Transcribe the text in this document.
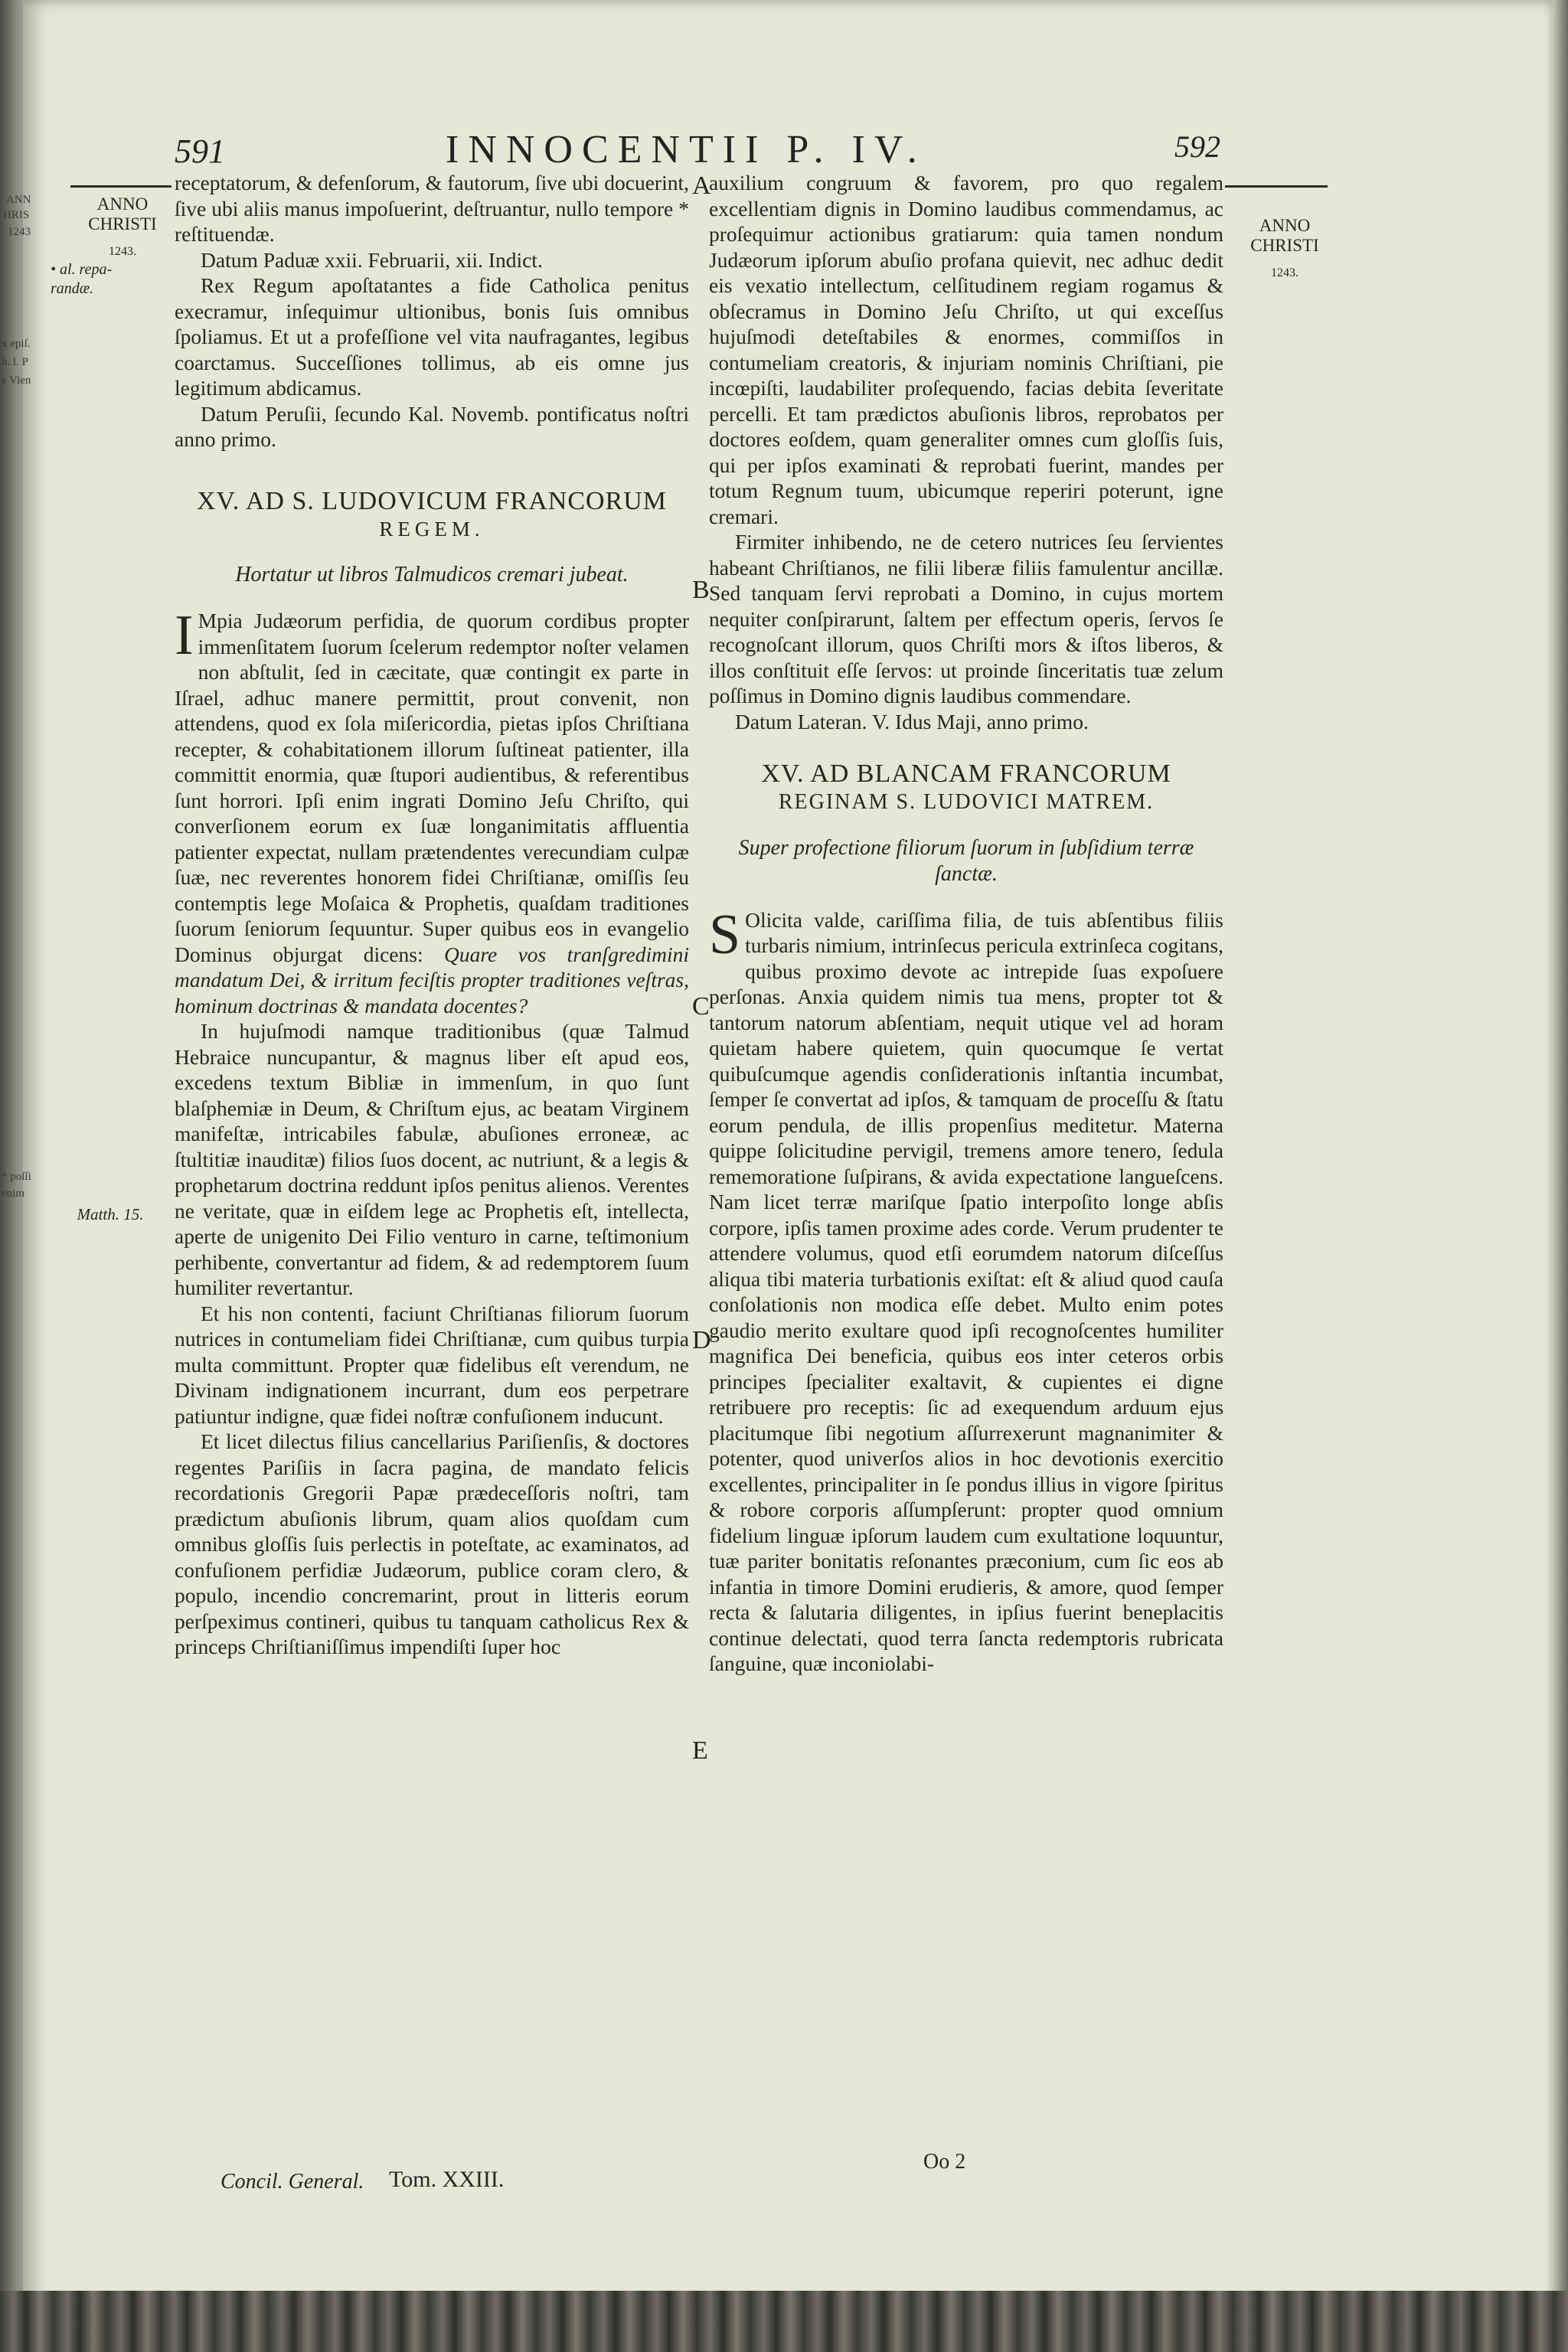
ANN
HRIS
1243
x epiſ.
h. l. P
e Vien
* poſſi
enim
591	INNOCENTII P. IV.	592
ANNO
CHRISTI
1243.
• al. repa-randæ.
Matth. 15.
ANNO
CHRISTI
1243.
A
B
C
D
E

receptatorum, & defenſorum, & fautorum, ſive ubi docuerint, ſive ubi aliis manus impoſuerint, deſtruantur, nullo tempore * reſtituendæ.

Datum Paduæ xxii. Februarii, xii. Indict.

Rex Regum apoſtatantes a fide Catholica penitus execramur, inſequimur ultionibus, bonis ſuis omnibus ſpoliamus. Et ut a profeſſione vel vita naufragantes, legibus coarctamus. Succeſſiones tollimus, ab eis omne jus legitimum abdicamus.

Datum Peruſii, ſecundo Kal. Novemb. pontificatus noſtri anno primo.

XV. AD S. LUDOVICUM FRANCORUM
REGEM.
Hortatur ut libros Talmudicos cremari jubeat.

I Mpia Judæorum perfidia, de quorum cordibus propter immenſitatem ſuorum ſcelerum redemptor noſter velamen non abſtulit, ſed in cæcitate, quæ contingit ex parte in Iſrael, adhuc manere permittit, prout convenit, non attendens, quod ex ſola miſericordia, pietas ipſos Chriſtiana recepter, & cohabitationem illorum ſuſtineat patienter, illa committit enormia, quæ ſtupori audientibus, & referentibus ſunt horrori. Ipſi enim ingrati Domino Jeſu Chriſto, qui converſionem eorum ex ſuæ longanimitatis affluentia patienter expectat, nullam prætendentes verecundiam culpæ ſuæ, nec reverentes honorem fidei Chriſtianæ, omiſſis ſeu contemptis lege Moſaica & Prophetis, quaſdam traditiones ſuorum ſeniorum ſequuntur. Super quibus eos in evangelio Dominus objurgat dicens: Quare vos tranſgredimini mandatum Dei, & irritum feciſtis propter traditiones veſtras, hominum doctrinas & mandata docentes?

In hujuſmodi namque traditionibus (quæ Talmud Hebraice nuncupantur, & magnus liber eſt apud eos, excedens textum Bibliæ in immenſum, in quo ſunt blaſphemiæ in Deum, & Chriſtum ejus, ac beatam Virginem manifeſtæ, intricabiles fabulæ, abuſiones erroneæ, ac ſtultitiæ inauditæ) filios ſuos docent, ac nutriunt, & a legis & prophetarum doctrina reddunt ipſos penitus alienos. Verentes ne veritate, quæ in eiſdem lege ac Prophetis eſt, intellecta, aperte de unigenito Dei Filio venturo in carne, teſtimonium perhibente, convertantur ad fidem, & ad redemptorem ſuum humiliter revertantur.

Et his non contenti, faciunt Chriſtianas filiorum ſuorum nutrices in contumeliam fidei Chriſtianæ, cum quibus turpia multa committunt. Propter quæ fidelibus eſt verendum, ne Divinam indignationem incurrant, dum eos perpetrare patiuntur indigne, quæ fidei noſtræ confuſionem inducunt.

Et licet dilectus filius cancellarius Pariſienſis, & doctores regentes Pariſiis in ſacra pagina, de mandato felicis recordationis Gregorii Papæ prædeceſſoris noſtri, tam prædictum abuſionis librum, quam alios quoſdam cum omnibus gloſſis ſuis perlectis in poteſtate, ac examinatos, ad confuſionem perfidiæ Judæorum, publice coram clero, & populo, incendio concremarint, prout in litteris eorum perſpeximus contineri, quibus tu tanquam catholicus Rex & princeps Chriſtianiſſimus impendiſti ſuper hoc

auxilium congruum & favorem, pro quo regalem excellentiam dignis in Domino laudibus commendamus, ac proſequimur actionibus gratiarum: quia tamen nondum Judæorum ipſorum abuſio profana quievit, nec adhuc dedit eis vexatio intellectum, celſitudinem regiam rogamus & obſecramus in Domino Jeſu Chriſto, ut qui exceſſus hujuſmodi deteſtabiles & enormes, commiſſos in contumeliam creatoris, & injuriam nominis Chriſtiani, pie incœpiſti, laudabiliter proſequendo, facias debita ſeveritate percelli. Et tam prædictos abuſionis libros, reprobatos per doctores eoſdem, quam generaliter omnes cum gloſſis ſuis, qui per ipſos examinati & reprobati fuerint, mandes per totum Regnum tuum, ubicumque reperiri poterunt, igne cremari.

Firmiter inhibendo, ne de cetero nutrices ſeu ſervientes habeant Chriſtianos, ne filii liberæ filiis famulentur ancillæ. Sed tanquam ſervi reprobati a Domino, in cujus mortem nequiter conſpirarunt, ſaltem per effectum operis, ſervos ſe recognoſcant illorum, quos Chriſti mors & iſtos liberos, & illos conſtituit eſſe ſervos: ut proinde ſinceritatis tuæ zelum poſſimus in Domino dignis laudibus commendare.

Datum Lateran. V. Idus Maji, anno primo.

XV. AD BLANCAM FRANCORUM
REGINAM S. LUDOVICI MATREM.
Super profectione filiorum ſuorum in ſubſidium terræ ſanctæ.

S Olicita valde, cariſſima filia, de tuis abſentibus filiis turbaris nimium, intrinſecus pericula extrinſeca cogitans, quibus proximo devote ac intrepide ſuas expoſuere perſonas. Anxia quidem nimis tua mens, propter tot & tantorum natorum abſentiam, nequit utique vel ad horam quietam habere quietem, quin quocumque ſe vertat quibuſcumque agendis conſiderationis inſtantia incumbat, ſemper ſe convertat ad ipſos, & tamquam de proceſſu & ſtatu eorum pendula, de illis propenſius meditetur. Materna quippe ſolicitudine pervigil, tremens amore tenero, ſedula rememoratione ſuſpirans, & avida expectatione languеſcens. Nam licet terræ mariſque ſpatio interpoſito longe abſis corpore, ipſis tamen proxime ades corde. Verum prudenter te attendere volumus, quod etſi eorumdem natorum diſceſſus aliqua tibi materia turbationis exiſtat: eſt & aliud quod cauſa conſolationis non modica eſſe debet. Multo enim potes gaudio merito exultare quod ipſi recognoſcentes humiliter magnifica Dei beneficia, quibus eos inter ceteros orbis principes ſpecialiter exaltavit, & cupientes ei digne retribuere pro receptis: ſic ad exequendum arduum ejus placitumque ſibi negotium aſſurrexerunt magnanimiter & potenter, quod univerſos alios in hoc devotionis exercitio excellentes, principaliter in ſe pondus illius in vigore ſpiritus & robore corporis aſſumpſerunt: propter quod omnium fidelium linguæ ipſorum laudem cum exultatione loquuntur, tuæ pariter bonitatis reſonantes præconium, cum ſic eos ab infantia in timore Domini erudieris, & amore, quod ſemper recta & ſalutaria diligentes, in ipſius fuerint beneplacitis continue delectati, quod terra ſancta redemptoris rubricata ſanguine, quæ inconiolabi-

Concil. General. Tom. XXIII.
Oo 2
